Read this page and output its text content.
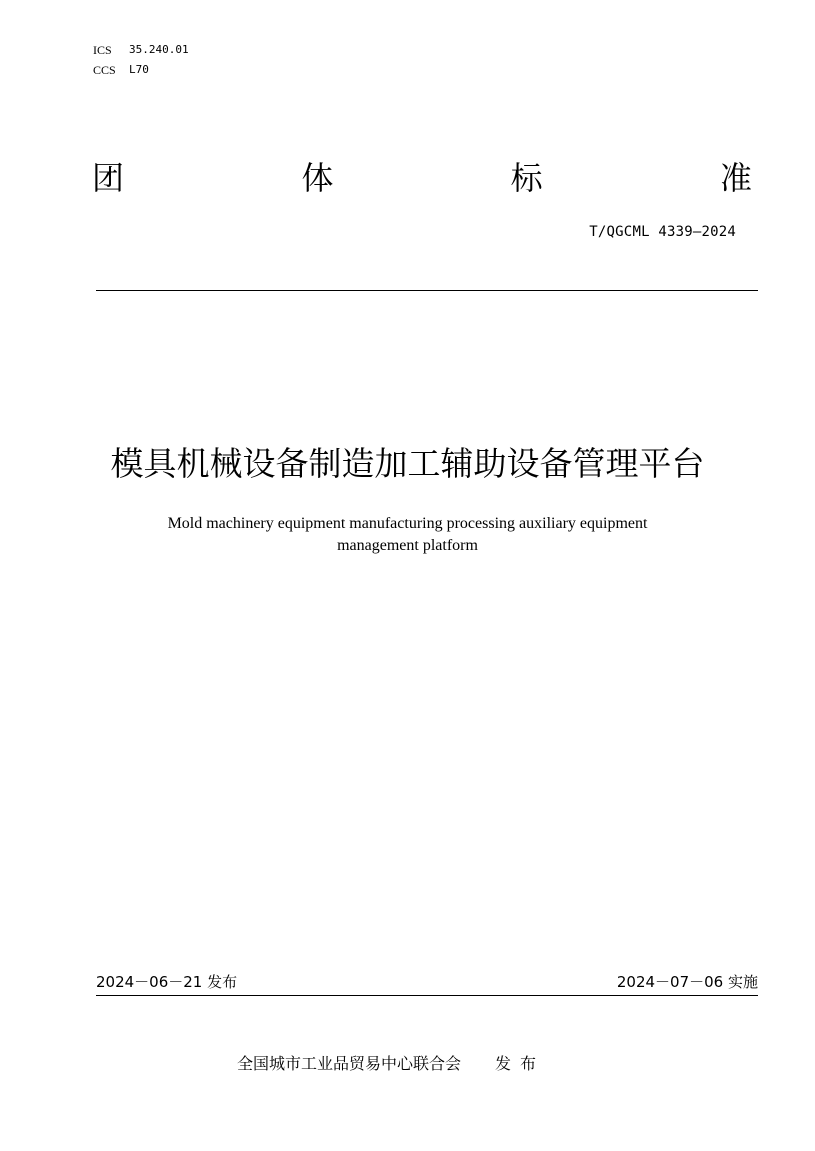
ICS	35.240.01
CCS	L70
团	体	标	准
T/QGCML 4339—2024
模具机械设备制造加工辅助设备管理平台
Mold machinery equipment manufacturing processing auxiliary equipment
management platform
2024－06－21 发布	2024－07－06 实施
全国城市工业品贸易中心联合会 发布
